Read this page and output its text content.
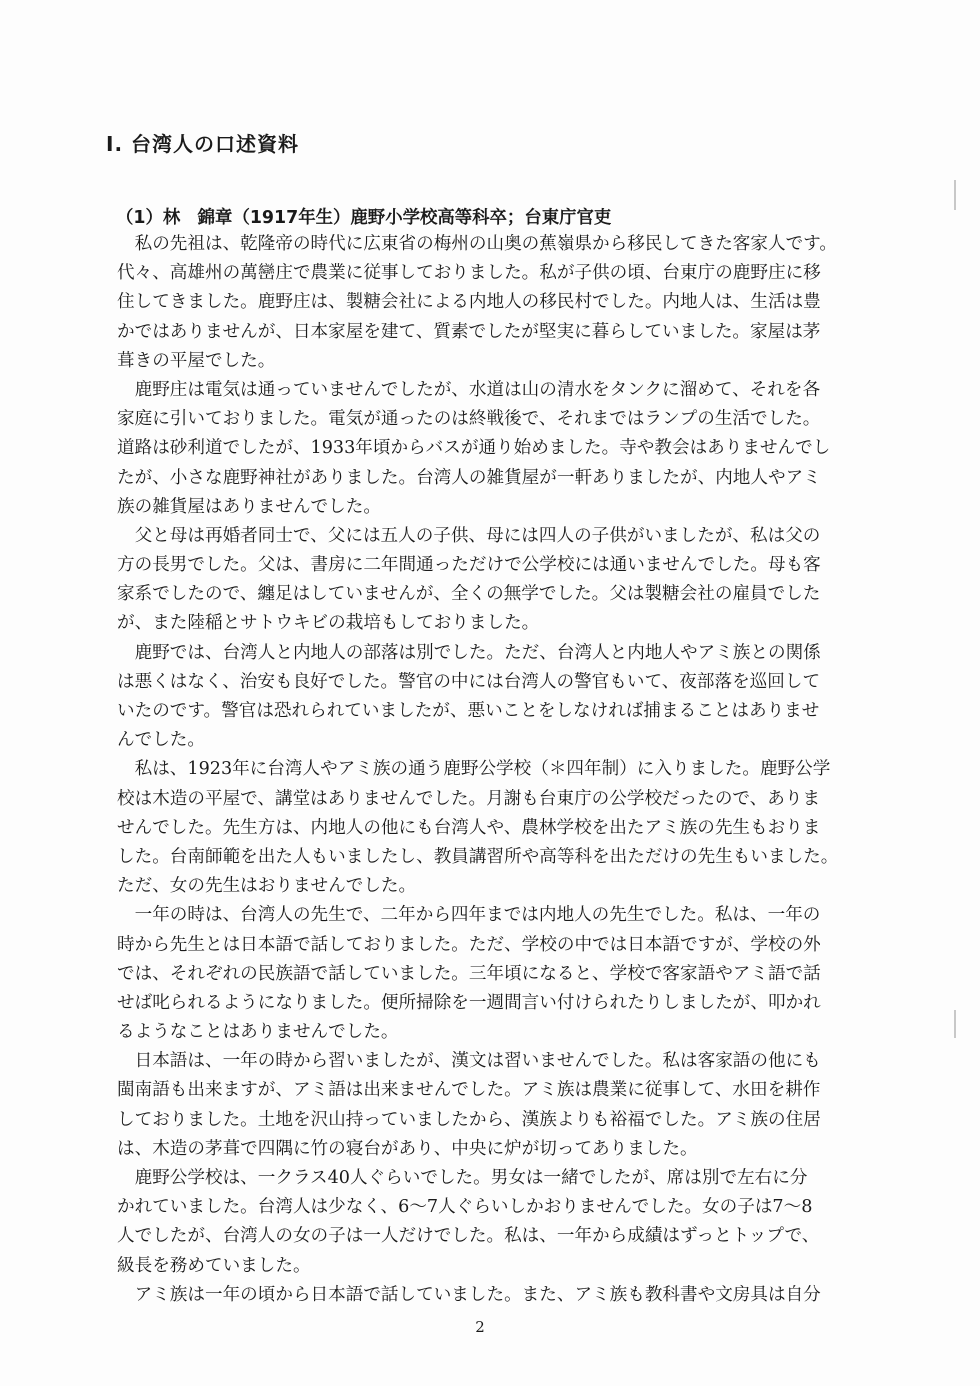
Ⅰ. 台湾人の口述資料
（1）林　錦章（1917年生）鹿野小学校高等科卒；台東庁官吏
　私の先祖は、乾隆帝の時代に広東省の梅州の山奥の蕉嶺県から移民してきた客家人です。
代々、高雄州の萬巒庄で農業に従事しておりました。私が子供の頃、台東庁の鹿野庄に移
住してきました。鹿野庄は、製糖会社による内地人の移民村でした。内地人は、生活は豊
かではありませんが、日本家屋を建て、質素でしたが堅実に暮らしていました。家屋は茅
葺きの平屋でした。
　鹿野庄は電気は通っていませんでしたが、水道は山の清水をタンクに溜めて、それを各
家庭に引いておりました。電気が通ったのは終戦後で、それまではランプの生活でした。
道路は砂利道でしたが、1933年頃からバスが通り始めました。寺や教会はありませんでし
たが、小さな鹿野神社がありました。台湾人の雑貨屋が一軒ありましたが、内地人やアミ
族の雑貨屋はありませんでした。
　父と母は再婚者同士で、父には五人の子供、母には四人の子供がいましたが、私は父の
方の長男でした。父は、書房に二年間通っただけで公学校には通いませんでした。母も客
家系でしたので、纏足はしていませんが、全くの無学でした。父は製糖会社の雇員でした
が、また陸稲とサトウキビの栽培もしておりました。
　鹿野では、台湾人と内地人の部落は別でした。ただ、台湾人と内地人やアミ族との関係
は悪くはなく、治安も良好でした。警官の中には台湾人の警官もいて、夜部落を巡回して
いたのです。警官は恐れられていましたが、悪いことをしなければ捕まることはありませ
んでした。
　私は、1923年に台湾人やアミ族の通う鹿野公学校（＊四年制）に入りました。鹿野公学
校は木造の平屋で、講堂はありませんでした。月謝も台東庁の公学校だったので、ありま
せんでした。先生方は、内地人の他にも台湾人や、農林学校を出たアミ族の先生もおりま
した。台南師範を出た人もいましたし、教員講習所や高等科を出ただけの先生もいました。
ただ、女の先生はおりませんでした。
　一年の時は、台湾人の先生で、二年から四年までは内地人の先生でした。私は、一年の
時から先生とは日本語で話しておりました。ただ、学校の中では日本語ですが、学校の外
では、それぞれの民族語で話していました。三年頃になると、学校で客家語やアミ語で話
せば叱られるようになりました。便所掃除を一週間言い付けられたりしましたが、叩かれ
るようなことはありませんでした。
　日本語は、一年の時から習いましたが、漢文は習いませんでした。私は客家語の他にも
閩南語も出来ますが、アミ語は出来ませんでした。アミ族は農業に従事して、水田を耕作
しておりました。土地を沢山持っていましたから、漢族よりも裕福でした。アミ族の住居
は、木造の茅葺で四隅に竹の寝台があり、中央に炉が切ってありました。
　鹿野公学校は、一クラス40人ぐらいでした。男女は一緒でしたが、席は別で左右に分
かれていました。台湾人は少なく、6～7人ぐらいしかおりませんでした。女の子は7～8
人でしたが、台湾人の女の子は一人だけでした。私は、一年から成績はずっとトップで、
級長を務めていました。
　アミ族は一年の頃から日本語で話していました。また、アミ族も教科書や文房具は自分
2
